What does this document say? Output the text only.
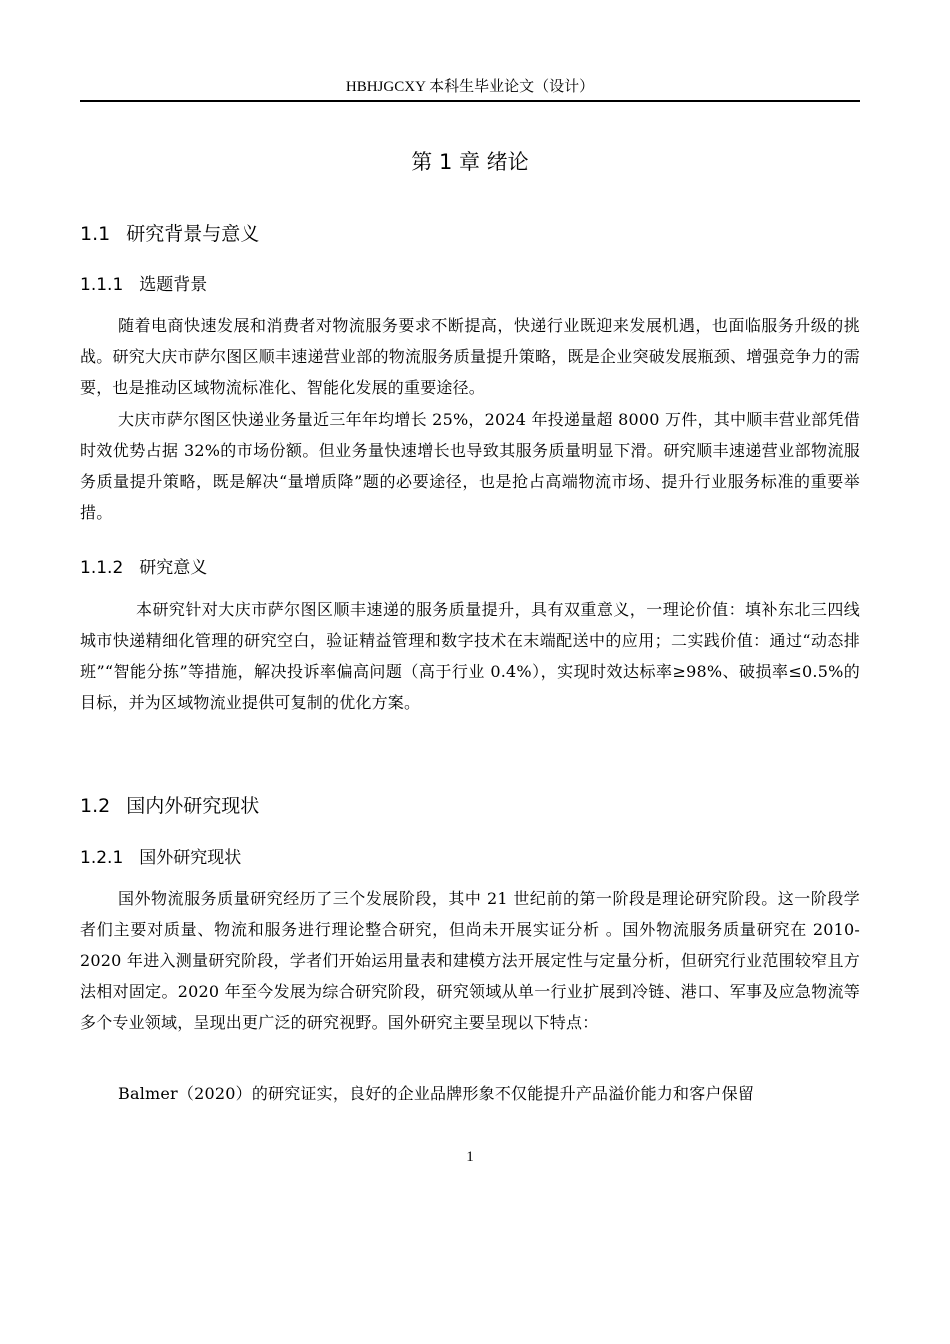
HBHJGCXY 本科生毕业论文（设计）
第 1 章 绪论
1.1 研究背景与意义
1.1.1 选题背景

随着电商快速发展和消费者对物流服务要求不断提高，快递行业既迎来发展机遇，也面临服务升级的挑战。研究大庆市萨尔图区顺丰速递营业部的物流服务质量提升策略，既是企业突破发展瓶颈、增强竞争力的需要，也是推动区域物流标准化、智能化发展的重要途径。

大庆市萨尔图区快递业务量近三年年均增长 25%，2024 年投递量超 8000 万件，其中顺丰营业部凭借时效优势占据 32%的市场份额。但业务量快速增长也导致其服务质量明显下滑。研究顺丰速递营业部物流服务质量提升策略，既是解决“量增质降”题的必要途径，也是抢占高端物流市场、提升行业服务标准的重要举措。

1.1.2 研究意义

本研究针对大庆市萨尔图区顺丰速递的服务质量提升，具有双重意义，一理论价值：填补东北三四线城市快递精细化管理的研究空白，验证精益管理和数字技术在末端配送中的应用；二实践价值：通过“动态排班”“智能分拣”等措施，解决投诉率偏高问题（高于行业 0.4%），实现时效达标率≥98%、破损率≤0.5%的目标，并为区域物流业提供可复制的优化方案。

1.2 国内外研究现状
1.2.1 国外研究现状

国外物流服务质量研究经历了三个发展阶段，其中 21 世纪前的第一阶段是理论研究阶段。这一阶段学者们主要对质量、物流和服务进行理论整合研究，但尚未开展实证分析 。国外物流服务质量研究在 2010-2020 年进入测量研究阶段，学者们开始运用量表和建模方法开展定性与定量分析，但研究行业范围较窄且方法相对固定。2020 年至今发展为综合研究阶段，研究领域从单一行业扩展到冷链、港口、军事及应急物流等多个专业领域，呈现出更广泛的研究视野。国外研究主要呈现以下特点：

Balmer（2020）的研究证实，良好的企业品牌形象不仅能提升产品溢价能力和客户保留

1
